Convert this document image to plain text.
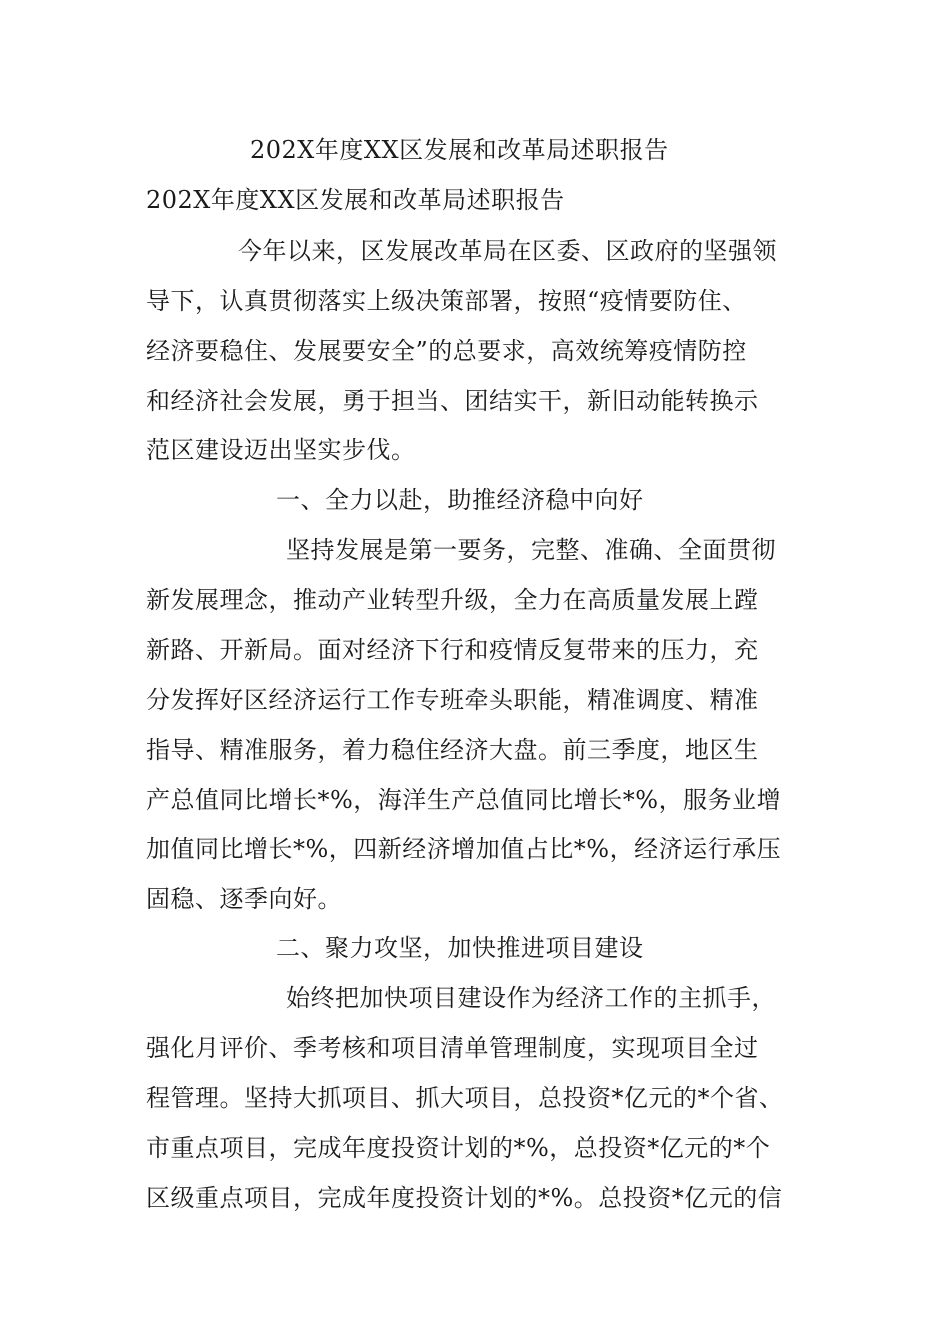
202X年度XX区发展和改革局述职报告
202X年度XX区发展和改革局述职报告
今年以来，区发展改革局在区委、区政府的坚强领
导下，认真贯彻落实上级决策部署，按照“疫情要防住、
经济要稳住、发展要安全”的总要求，高效统筹疫情防控
和经济社会发展，勇于担当、团结实干，新旧动能转换示
范区建设迈出坚实步伐。
一、全力以赴，助推经济稳中向好
坚持发展是第一要务，完整、准确、全面贯彻
新发展理念，推动产业转型升级，全力在高质量发展上蹚
新路、开新局。面对经济下行和疫情反复带来的压力，充
分发挥好区经济运行工作专班牵头职能，精准调度、精准
指导、精准服务，着力稳住经济大盘。前三季度，地区生
产总值同比增长*%，海洋生产总值同比增长*%，服务业增
加值同比增长*%，四新经济增加值占比*%，经济运行承压
固稳、逐季向好。
二、聚力攻坚，加快推进项目建设
始终把加快项目建设作为经济工作的主抓手，
强化月评价、季考核和项目清单管理制度，实现项目全过
程管理。坚持大抓项目、抓大项目，总投资*亿元的*个省、
市重点项目，完成年度投资计划的*%，总投资*亿元的*个
区级重点项目，完成年度投资计划的*%。总投资*亿元的信
